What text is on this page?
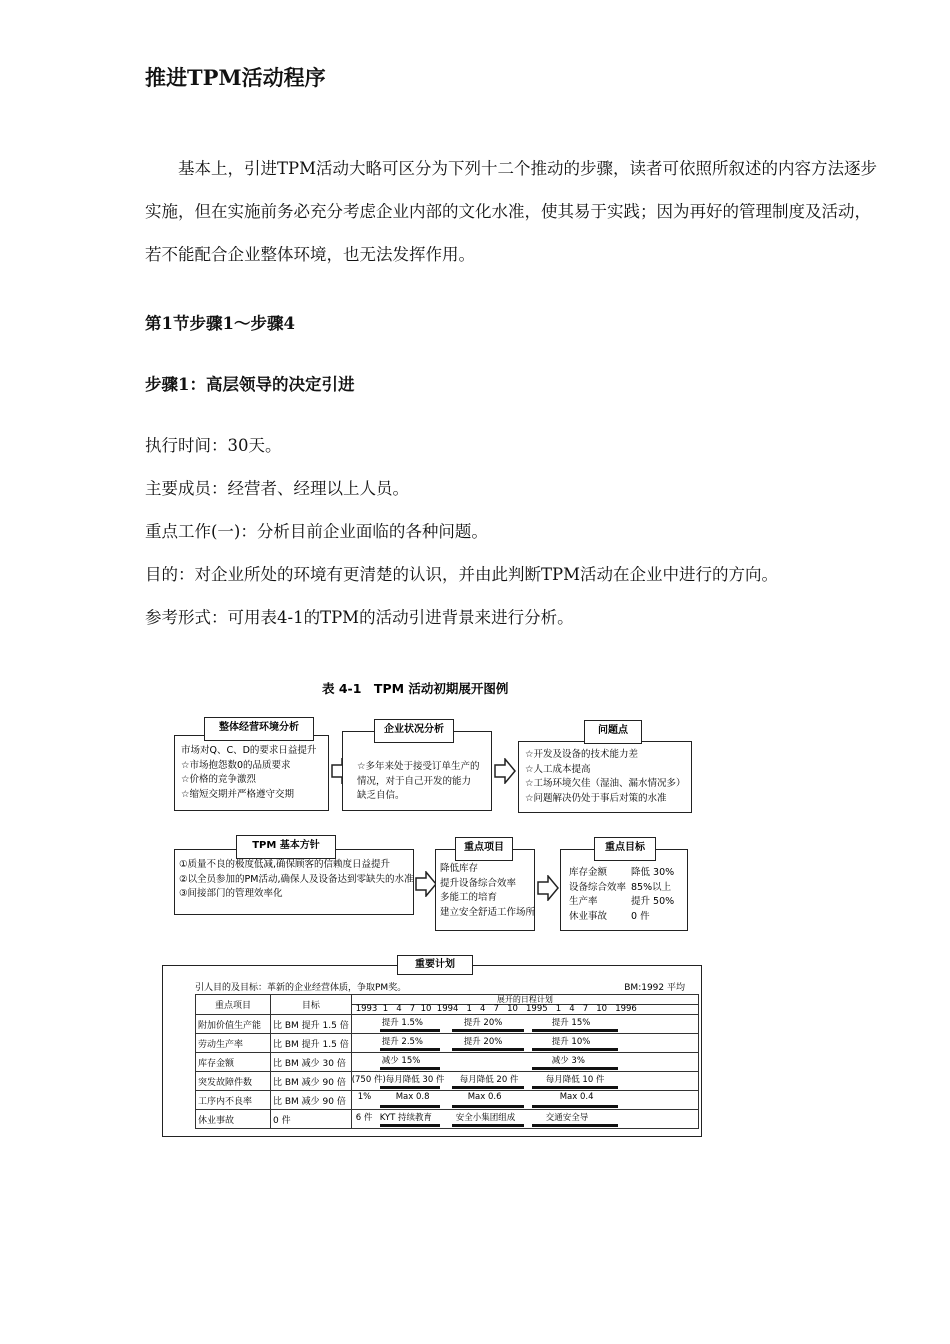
推进TPM活动程序
基本上，引进TPM活动大略可区分为下列十二个推动的步骤，读者可依照所叙述的内容方法逐步实施，但在实施前务必充分考虑企业内部的文化水准，使其易于实践；因为再好的管理制度及活动，若不能配合企业整体环境，也无法发挥作用。
第1节步骤1～步骤4
步骤1：高层领导的决定引进
执行时间：30天。
主要成员：经营者、经理以上人员。
重点工作(一)：分析目前企业面临的各种问题。
目的：对企业所处的环境有更清楚的认识，并由此判断TPM活动在企业中进行的方向。
参考形式：可用表4-1的TPM的活动引进背景来进行分析。
表 4-1　TPM 活动初期展开图例
市场对Q、C、D的要求日益提升
☆市场抱怨数0的品质要求
☆价格的竞争激烈
☆缩短交期并严格遵守交期
整体经营环境分析
☆多年来处于接受订单生产的
情况，对于自己开发的能力
缺乏自信。
企业状况分析
☆开发及设备的技术能力差
☆人工成本提高
☆工场环境欠佳（湿油、漏水情况多）
☆问题解决仍处于事后对策的水准
问题点
①质量不良的极度低减,确保顾客的信赖度日益提升
②以全员参加的PM活动,确保人及设备达到零缺失的水准
③间接部门的管理效率化
TPM 基本方针
降低库存
提升设备综合效率
多能工的培育
建立安全舒适工作场所
重点项目
库存金额	降低 30%
设备综合效率 85%以上
生产率	提升 50%
休业事故	0 件
重点目标
重要计划
引人目的及目标：革新的企业经营体质，争取PM奖。	BM:1992 平均
重点项目	目标	展开的日程计划
1993  1   4   7  10  1994   1   4   7   10   1995   1   4   7   10   1996

附加价值生产能	比 BM 提升 1.5 倍	提升 1.5% 提升 20% 提升 15%

劳动生产率	比 BM 提升 1.5 倍	提升 2.5% 提升 20% 提升 10%

库存金额	比 BM 减少 30 倍	减少 15% 减少 3%

突发故障件数	比 BM 减少 90 倍	(750 件) 每月降低 30 件 每月降低 20 件 每月降低 10 件

工序内不良率	比 BM 减少 90 倍	1% Max 0.8 Max 0.6 Max 0.4

休业事故	0 件	6 件 KYT 持续教育 安全小集团组成 交通安全导
